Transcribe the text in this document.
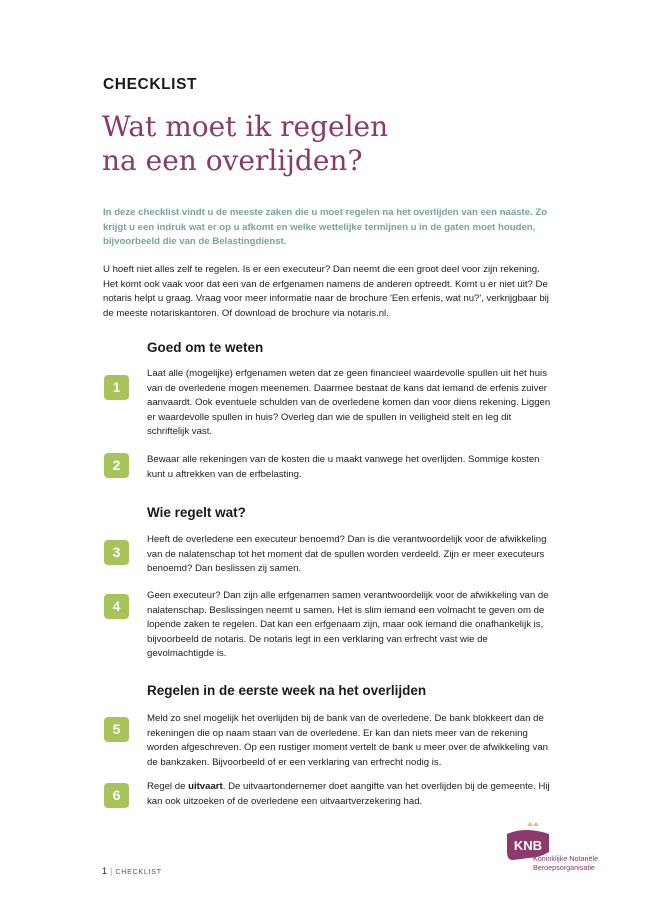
CHECKLIST
Wat moet ik regelen
na een overlijden?
In deze checklist vindt u de meeste zaken die u moet regelen na het overlijden van een naaste. Zo krijgt u een indruk wat er op u afkomt en welke wettelijke termijnen u in de gaten moet houden, bijvoorbeeld die van de Belastingdienst.
U hoeft niet alles zelf te regelen. Is er een executeur? Dan neemt die een groot deel voor zijn rekening. Het komt ook vaak voor dat een van de erfgenamen namens de anderen optreedt. Komt u er niet uit? De notaris helpt u graag. Vraag voor meer informatie naar de brochure 'Een erfenis, wat nu?', verkrijgbaar bij de meeste notariskantoren. Of download de brochure via notaris.nl.
Goed om te weten
1
Laat alle (mogelijke) erfgenamen weten dat ze geen financieel waardevolle spullen uit het huis van de overledene mogen meenemen. Daarmee bestaat de kans dat iemand de erfenis zuiver aanvaardt. Ook eventuele schulden van de overledene komen dan voor diens rekening. Liggen er waardevolle spullen in huis? Overleg dan wie de spullen in veiligheid stelt en leg dit schriftelijk vast.
2	Bewaar alle rekeningen van de kosten die u maakt vanwege het overlijden. Sommige kosten kunt u aftrekken van de erfbelasting.
Wie regelt wat?
3
Heeft de overledene een executeur benoemd? Dan is die verantwoordelijk voor de afwikkeling van de nalatenschap tot het moment dat de spullen worden verdeeld. Zijn er meer executeurs benoemd? Dan beslissen zij samen.
4
Geen executeur? Dan zijn alle erfgenamen samen verantwoordelijk voor de afwikkeling van de nalatenschap. Beslissingen neemt u samen. Het is slim iemand een volmacht te geven om de lopende zaken te regelen. Dat kan een erfgenaam zijn, maar ook iemand die onafhankelijk is, bijvoorbeeld de notaris. De notaris legt in een verklaring van erfrecht vast wie de gevolmachtigde is.
Regelen in de eerste week na het overlijden
5
Meld zo snel mogelijk het overlijden bij de bank van de overledene. De bank blokkeert dan de rekeningen die op naam staan van de overledene. Er kan dan niets meer van de rekening worden afgeschreven. Op een rustiger moment vertelt de bank u meer over de afwikkeling van de bankzaken. Bijvoorbeeld of er een verklaring van erfrecht nodig is.
6
Regel de uitvaart. De uitvaartondernemer doet aangifte van het overlijden bij de gemeente. Hij kan ook uitzoeken of de overledene een uitvaartverzekering had.
KNB
Koninklijke Notariële
Beroepsorganisatie
1 | CHECKLIST
